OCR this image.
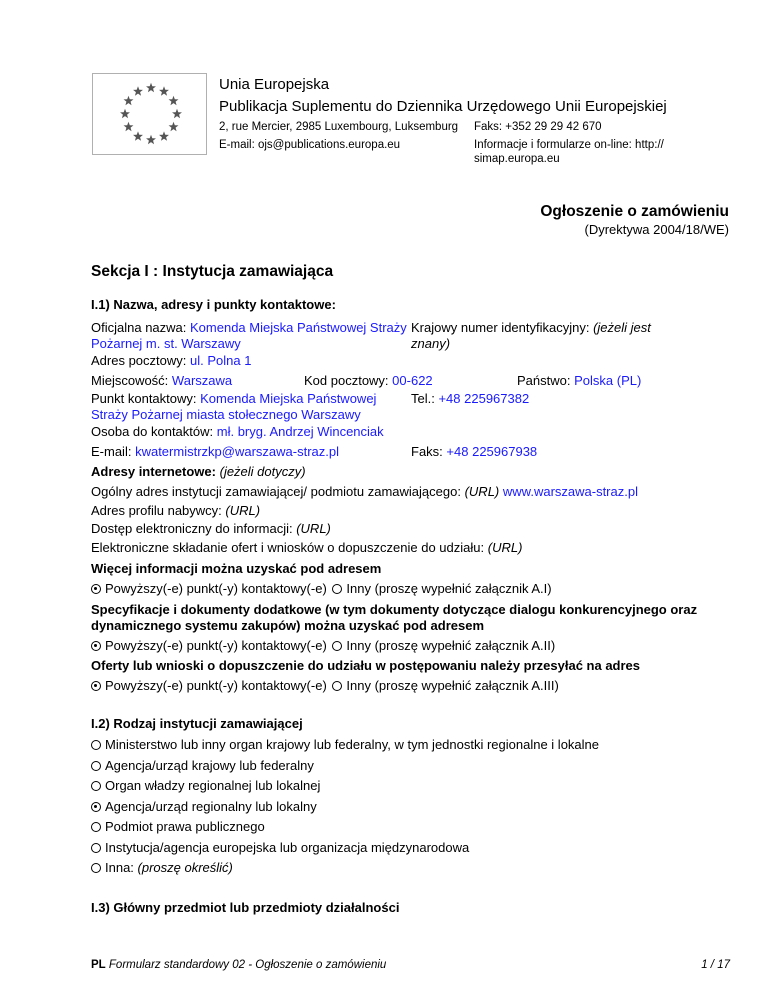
Unia Europejska
Publikacja Suplementu do Dziennika Urzędowego Unii Europejskiej
2, rue Mercier, 2985 Luxembourg, Luksemburg Faks: +352 29 29 42 670
E-mail: ojs@publications.europa.eu	Informacje i formularze on-line: http://
simap.europa.eu
Ogłoszenie o zamówieniu
(Dyrektywa 2004/18/WE)
Sekcja I : Instytucja zamawiająca
I.1) Nazwa, adresy i punkty kontaktowe:
Oficjalna nazwa: Komenda Miejska Państwowej Straży
Pożarnej m. st. Warszawy
Krajowy numer identyfikacyjny: (jeżeli jest
znany)
Adres pocztowy: ul. Polna 1
Miejscowość: Warszawa	Kod pocztowy: 00-622	Państwo: Polska (PL)
Punkt kontaktowy: Komenda Miejska Państwowej
Straży Pożarnej miasta stołecznego Warszawy
Tel.: +48 225967382
Osoba do kontaktów: mł. bryg. Andrzej Wincenciak
E-mail: kwatermistrzkp@warszawa-straz.pl	Faks: +48 225967938
Adresy internetowe: (jeżeli dotyczy)
Ogólny adres instytucji zamawiającej/ podmiotu zamawiającego: (URL) www.warszawa-straz.pl
Adres profilu nabywcy: (URL)
Dostęp elektroniczny do informacji: (URL)
Elektroniczne składanie ofert i wniosków o dopuszczenie do udziału: (URL)
Więcej informacji można uzyskać pod adresem
Powyższy(-e) punkt(-y) kontaktowy(-e) Inny (proszę wypełnić załącznik A.I)
Specyfikacje i dokumenty dodatkowe (w tym dokumenty dotyczące dialogu konkurencyjnego oraz
dynamicznego systemu zakupów) można uzyskać pod adresem
Powyższy(-e) punkt(-y) kontaktowy(-e) Inny (proszę wypełnić załącznik A.II)
Oferty lub wnioski o dopuszczenie do udziału w postępowaniu należy przesyłać na adres
Powyższy(-e) punkt(-y) kontaktowy(-e) Inny (proszę wypełnić załącznik A.III)
I.2) Rodzaj instytucji zamawiającej
Ministerstwo lub inny organ krajowy lub federalny, w tym jednostki regionalne i lokalne
Agencja/urząd krajowy lub federalny
Organ władzy regionalnej lub lokalnej
Agencja/urząd regionalny lub lokalny
Podmiot prawa publicznego
Instytucja/agencja europejska lub organizacja międzynarodowa
Inna: (proszę określić)
I.3) Główny przedmiot lub przedmioty działalności
PL Formularz standardowy 02 - Ogłoszenie o zamówieniu	1 / 17
